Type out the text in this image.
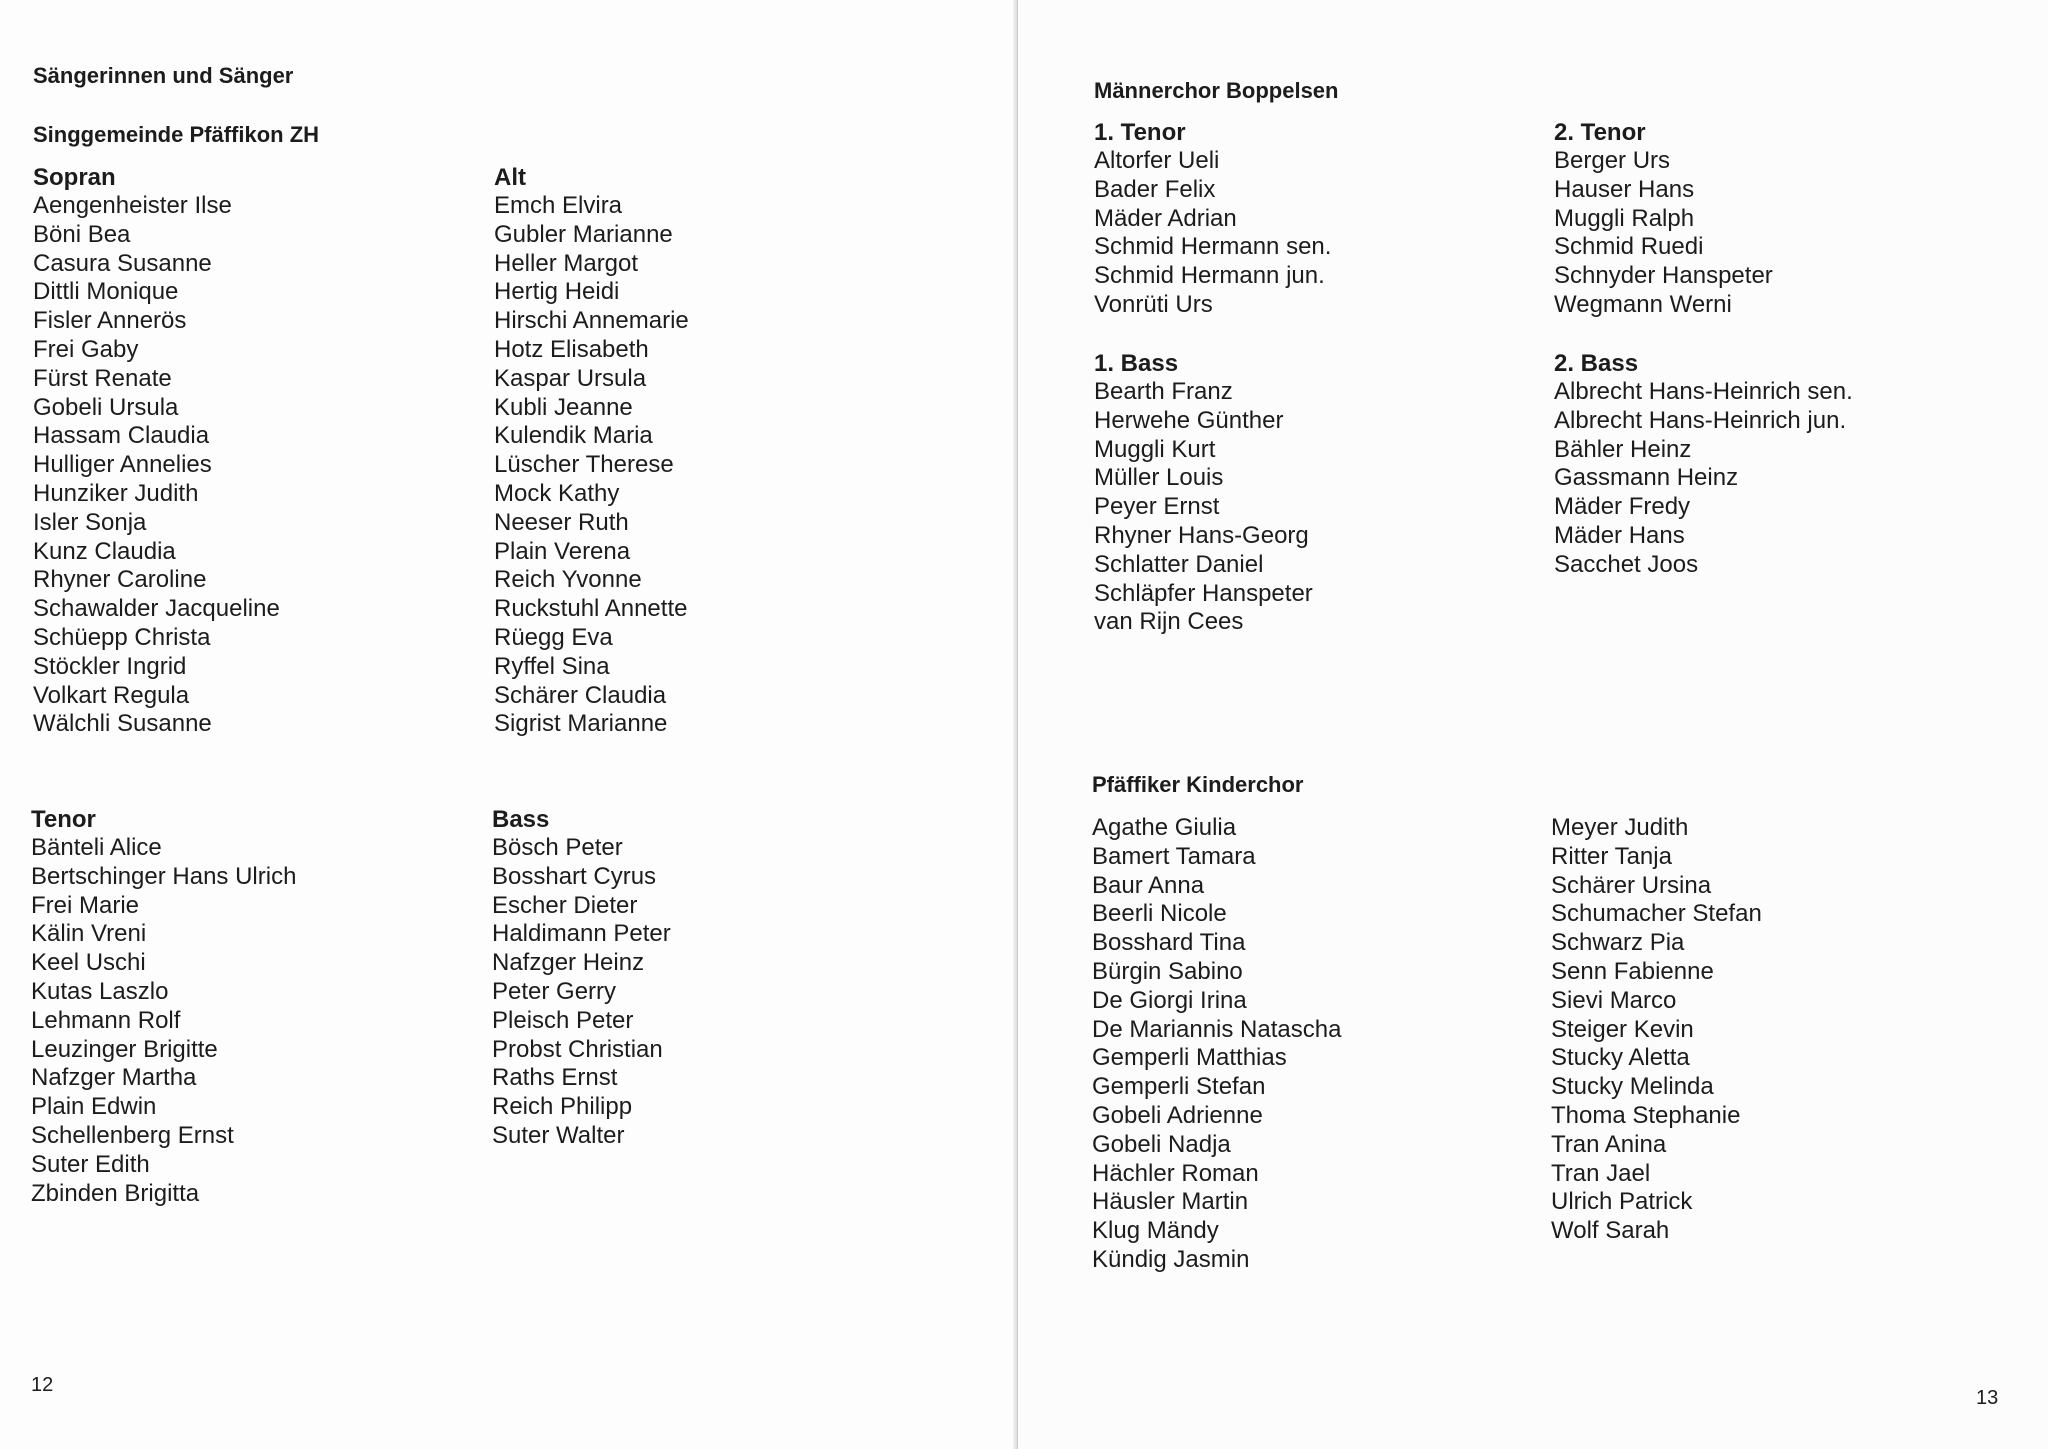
Sängerinnen und Sänger
Singgemeinde Pfäffikon ZH
Sopran
Aengenheister Ilse
Böni Bea
Casura Susanne
Dittli Monique
Fisler Annerös
Frei Gaby
Fürst Renate
Gobeli Ursula
Hassam Claudia
Hulliger Annelies
Hunziker Judith
Isler Sonja
Kunz Claudia
Rhyner Caroline
Schawalder Jacqueline
Schüepp Christa
Stöckler Ingrid
Volkart Regula
Wälchli Susanne
Alt
Emch Elvira
Gubler Marianne
Heller Margot
Hertig Heidi
Hirschi Annemarie
Hotz Elisabeth
Kaspar Ursula
Kubli Jeanne
Kulendik Maria
Lüscher Therese
Mock Kathy
Neeser Ruth
Plain Verena
Reich Yvonne
Ruckstuhl Annette
Rüegg Eva
Ryffel Sina
Schärer Claudia
Sigrist Marianne
Tenor
Bänteli Alice
Bertschinger Hans Ulrich
Frei Marie
Kälin Vreni
Keel Uschi
Kutas Laszlo
Lehmann Rolf
Leuzinger Brigitte
Nafzger Martha
Plain Edwin
Schellenberg Ernst
Suter Edith
Zbinden Brigitta
Bass
Bösch Peter
Bosshart Cyrus
Escher Dieter
Haldimann Peter
Nafzger Heinz
Peter Gerry
Pleisch Peter
Probst Christian
Raths Ernst
Reich Philipp
Suter Walter
12
Männerchor Boppelsen
1. Tenor
Altorfer Ueli
Bader Felix
Mäder Adrian
Schmid Hermann sen.
Schmid Hermann jun.
Vonrüti Urs
2. Tenor
Berger Urs
Hauser Hans
Muggli Ralph
Schmid Ruedi
Schnyder Hanspeter
Wegmann Werni
1. Bass
Bearth Franz
Herwehe Günther
Muggli Kurt
Müller Louis
Peyer Ernst
Rhyner Hans-Georg
Schlatter Daniel
Schläpfer Hanspeter
van Rijn Cees
2. Bass
Albrecht Hans-Heinrich sen.
Albrecht Hans-Heinrich jun.
Bähler Heinz
Gassmann Heinz
Mäder Fredy
Mäder Hans
Sacchet Joos
Pfäffiker Kinderchor
Agathe Giulia
Bamert Tamara
Baur Anna
Beerli Nicole
Bosshard Tina
Bürgin Sabino
De Giorgi Irina
De Mariannis Natascha
Gemperli Matthias
Gemperli Stefan
Gobeli Adrienne
Gobeli Nadja
Hächler Roman
Häusler Martin
Klug Mändy
Kündig Jasmin
Meyer Judith
Ritter Tanja
Schärer Ursina
Schumacher Stefan
Schwarz Pia
Senn Fabienne
Sievi Marco
Steiger Kevin
Stucky Aletta
Stucky Melinda
Thoma Stephanie
Tran Anina
Tran Jael
Ulrich Patrick
Wolf Sarah
13
